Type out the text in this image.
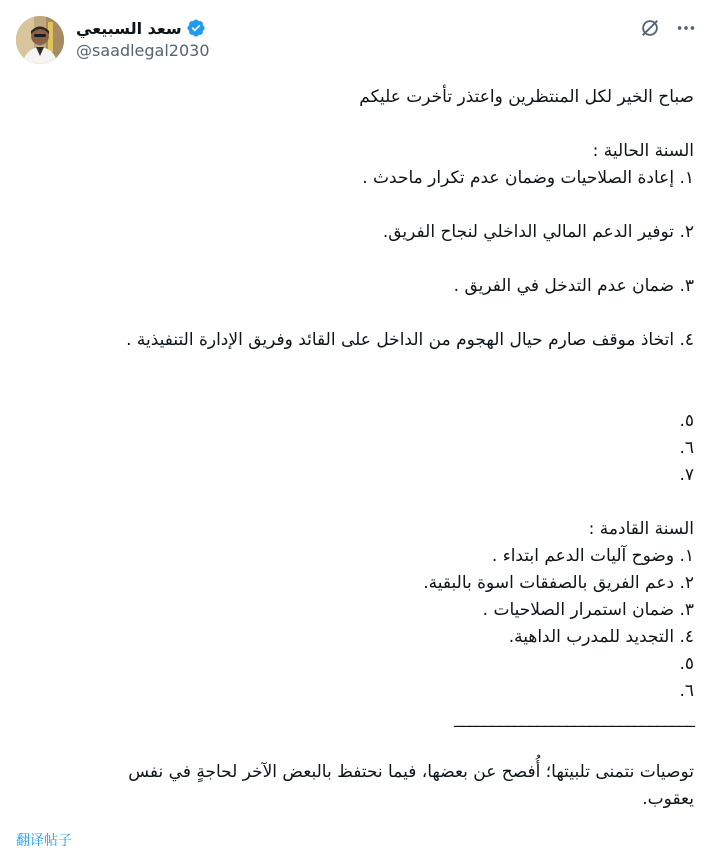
سعد السبيعي
@saadlegal2030
صباح الخير لكل المنتظرين واعتذر تأخرت عليكم
السنة الحالية :
١. إعادة الصلاحيات وضمان عدم تكرار ماحدث .
٢. توفير الدعم المالي الداخلي لنجاح الفريق.
٣. ضمان عدم التدخل في الفريق .
٤. اتخاذ موقف صارم حيال الهجوم من الداخل على القائد وفريق الإدارة التنفيذية .
٥.
٦.
٧.
السنة القادمة :
١. وضوح آليات الدعم ابتداء .
٢. دعم الفريق بالصفقات اسوة بالبقية.
٣. ضمان استمرار الصلاحيات .
٤. التجديد للمدرب الداهية.
٥.
٦.
________________________________
توصيات نتمنى تلبيتها؛ أُفصح عن بعضها، فيما نحتفظ بالبعض الآخر لحاجةٍ في نفس
يعقوب.
翻译帖子
